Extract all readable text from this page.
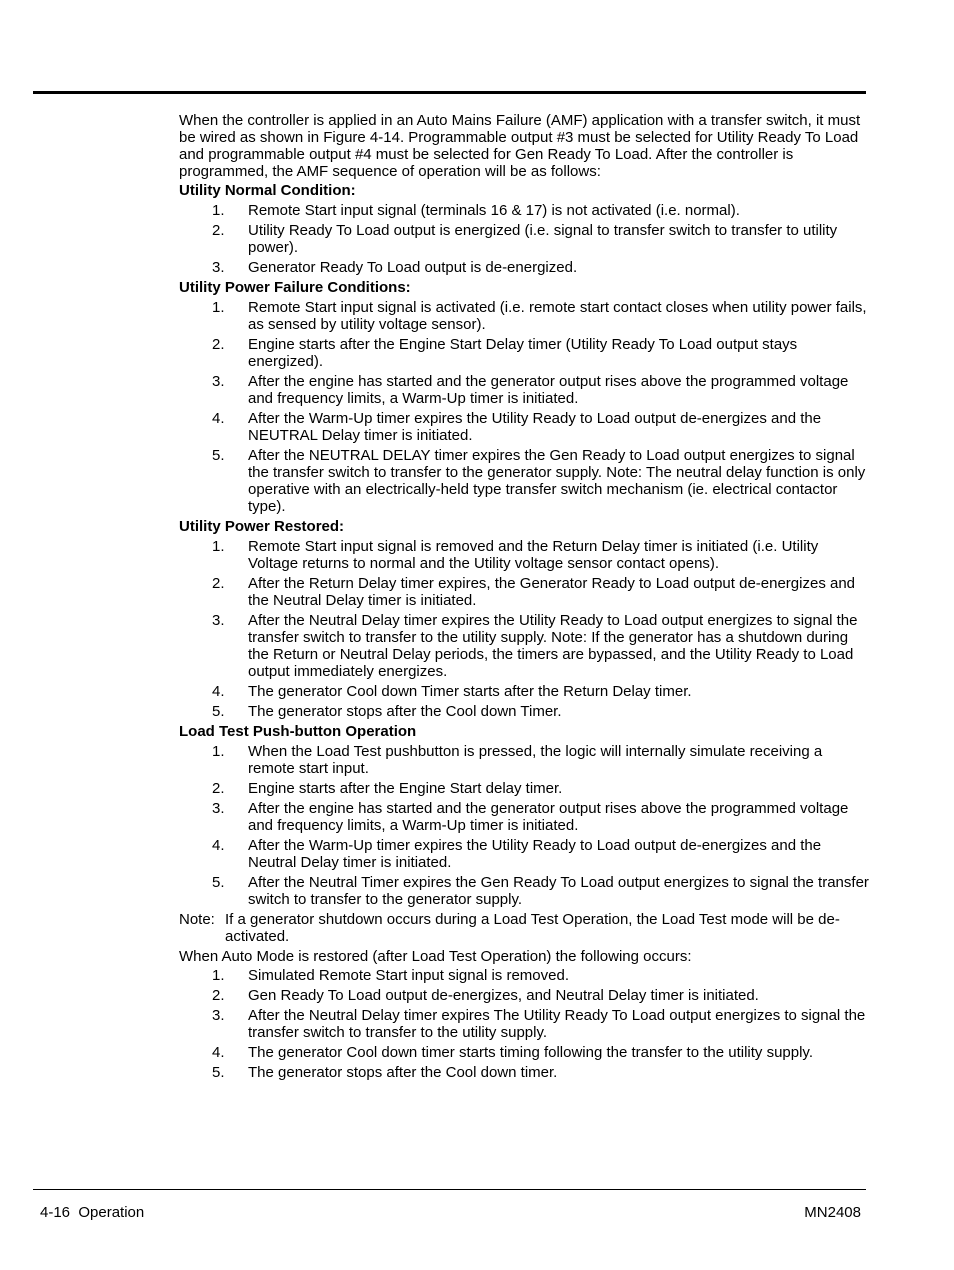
When the controller is applied in an Auto Mains Failure (AMF) application with a transfer switch, it must be wired as shown in Figure 4-14. Programmable output #3 must be selected for Utility Ready To Load and programmable output #4 must be selected for Gen Ready To Load. After the controller is programmed, the AMF sequence of operation will be as follows:

Utility Normal Condition:
1.	Remote Start input signal (terminals 16 & 17) is not activated (i.e. normal).
2.	Utility Ready To Load output is energized (i.e. signal to transfer switch to transfer to utility power).
3.	Generator Ready To Load output is de-energized.
Utility Power Failure Conditions:
1.	Remote Start input signal is activated (i.e. remote start contact closes when utility power fails, as sensed by utility voltage sensor).
2.	Engine starts after the Engine Start Delay timer (Utility Ready To Load output stays energized).
3.	After the engine has started and the generator output rises above the programmed voltage and frequency limits, a Warm-Up timer is initiated.
4.	After the Warm-Up timer expires the Utility Ready to Load output de-energizes and the NEUTRAL Delay timer is initiated.
5.	After the NEUTRAL DELAY timer expires the Gen Ready to Load output energizes to signal the transfer switch to transfer to the generator supply. Note: The neutral delay function is only operative with an electrically-held type transfer switch mechanism (ie. electrical contactor type).
Utility Power Restored:
1.	Remote Start input signal is removed and the Return Delay timer is initiated (i.e. Utility Voltage returns to normal and the Utility voltage sensor contact opens).
2.	After the Return Delay timer expires, the Generator Ready to Load output de-energizes and the Neutral Delay timer is initiated.
3.	After the Neutral Delay timer expires the Utility Ready to Load output energizes to signal the transfer switch to transfer to the utility supply. Note: If the generator has a shutdown during the Return or Neutral Delay periods, the timers are bypassed, and the Utility Ready to Load output immediately energizes.
4.	The generator Cool down Timer starts after the Return Delay timer.
5.	The generator stops after the Cool down Timer.
Load Test Push-button Operation
1.	When the Load Test pushbutton is pressed, the logic will internally simulate receiving a remote start input.
2.	Engine starts after the Engine Start delay timer.
3.	After the engine has started and the generator output rises above the programmed voltage and frequency limits, a Warm-Up timer is initiated.
4.	After the Warm-Up timer expires the Utility Ready to Load output de-energizes and the Neutral Delay timer is initiated.
5.	After the Neutral Timer expires the Gen Ready To Load output energizes to signal the transfer switch to transfer to the generator supply.
Note: If a generator shutdown occurs during a Load Test Operation, the Load Test mode will be de-activated.

When Auto Mode is restored (after Load Test Operation) the following occurs:

1.	Simulated Remote Start input signal is removed.
2.	Gen Ready To Load output de-energizes, and Neutral Delay timer is initiated.
3.	After the Neutral Delay timer expires The Utility Ready To Load output energizes to signal the transfer switch to transfer to the utility supply.
4.	The generator Cool down timer starts timing following the transfer to the utility supply.
5.	The generator stops after the Cool down timer.
4-16  Operation	MN2408
